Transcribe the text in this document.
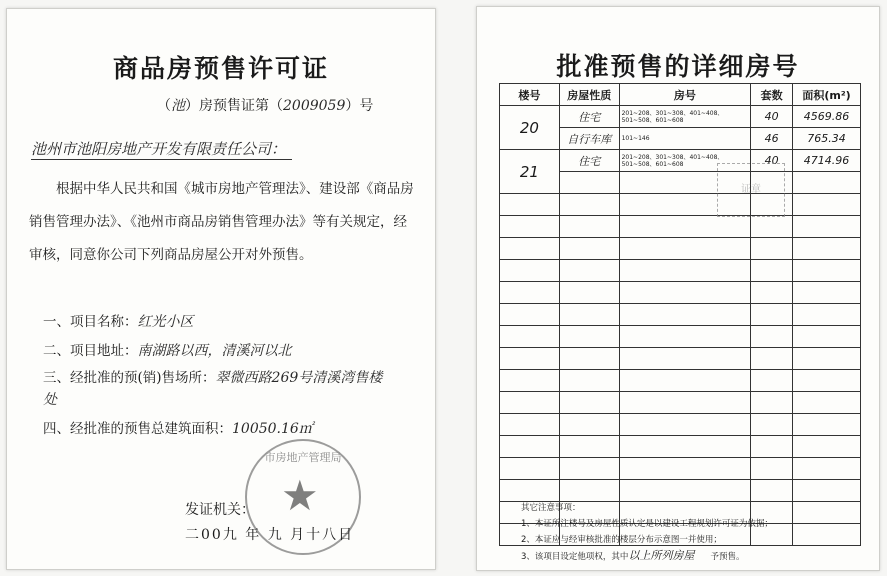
商品房预售许可证
（池）房预售证第（2009059）号
池州市池阳房地产开发有限责任公司：
根据中华人民共和国《城市房地产管理法》、建设部《商品房销售管理办法》、《池州市商品房销售管理办法》等有关规定，经审核，同意你公司下列商品房屋公开对外预售。
一、项目名称：红光小区
二、项目地址：南湖路以西，清溪河以北
三、经批准的预(销)售场所：翠微西路269号清溪湾售楼处
四、经批准的预售总建筑面积：10050.16㎡
市房地产管理局
★
发证机关：
二00九 年 九 月十八日
批准预售的详细房号
楼号	房屋性质	房号	套数	面积(m²)
20	住宅	201~208、301~308、401~408、501~508、601~608	40	4569.86
	自行车库	101~146	46	765.34
21	住宅	201~208、301~308、401~408、501~508、601~608	40	4714.96

证章
其它注意事项：
1、本证所注楼号及房屋性质认定是以建设工程规划许可证为依据；
2、本证应与经审核批准的楼层分布示意图一并使用；
3、该项目设定他项权，其中以上所列房屋 予预售。
